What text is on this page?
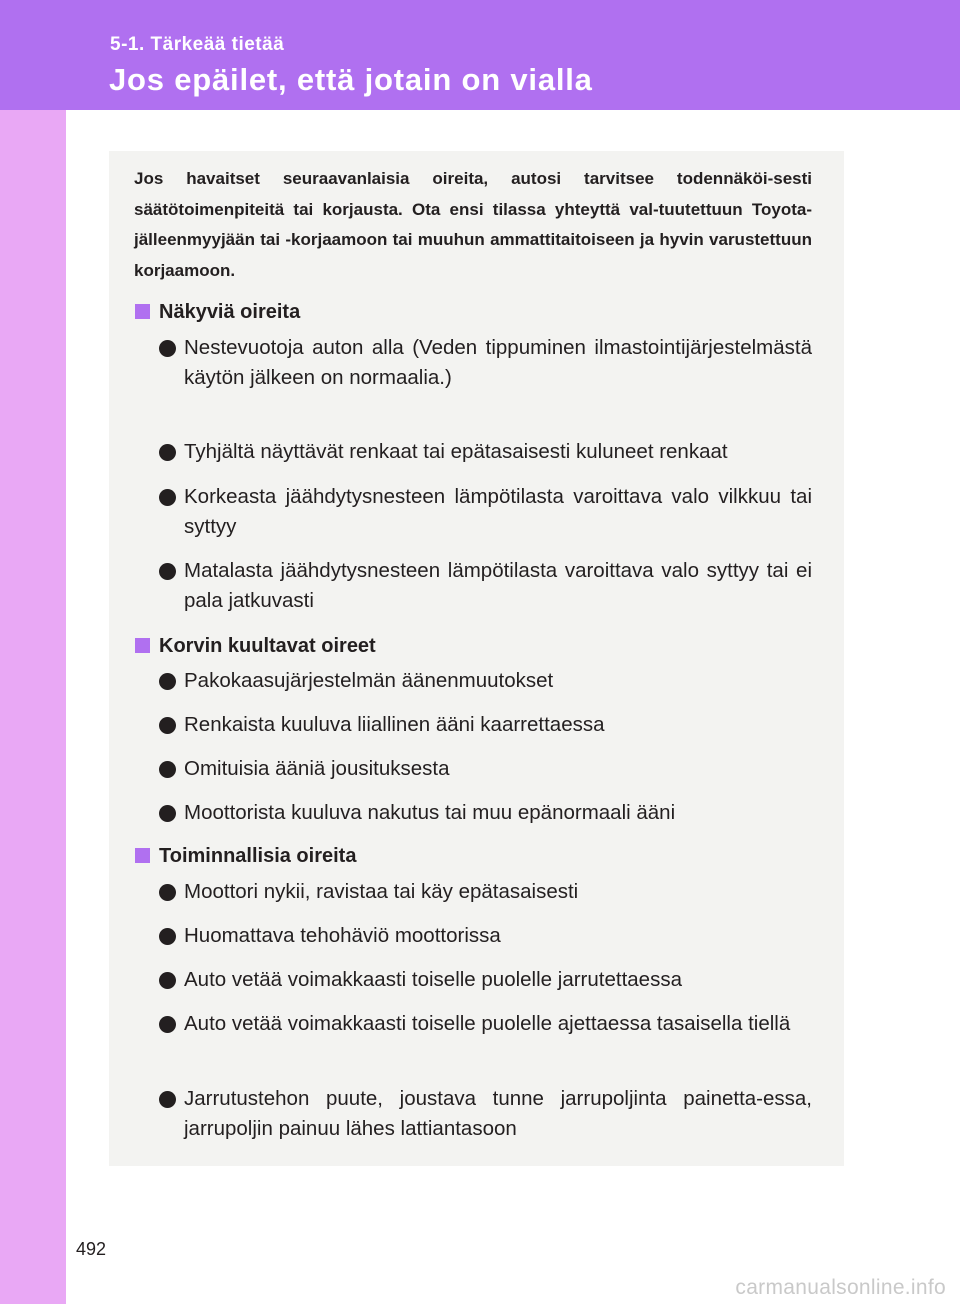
5-1. Tärkeää tietää
Jos epäilet, että jotain on vialla
Jos havaitset seuraavanlaisia oireita, autosi tarvitsee todennäköi-sesti säätötoimenpiteitä tai korjausta. Ota ensi tilassa yhteyttä val-tuutettuun Toyota-jälleenmyyjään tai -korjaamoon tai muuhun ammattitaitoiseen ja hyvin varustettuun korjaamoon.
Näkyviä oireita
Nestevuotoja auton alla (Veden tippuminen ilmastointijärjestelmästä käytön jälkeen on normaalia.)
Tyhjältä näyttävät renkaat tai epätasaisesti kuluneet renkaat
Korkeasta jäähdytysnesteen lämpötilasta varoittava valo vilkkuu tai syttyy
Matalasta jäähdytysnesteen lämpötilasta varoittava valo syttyy tai ei pala jatkuvasti
Korvin kuultavat oireet
Pakokaasujärjestelmän äänenmuutokset
Renkaista kuuluva liiallinen ääni kaarrettaessa
Omituisia ääniä jousituksesta
Moottorista kuuluva nakutus tai muu epänormaali ääni
Toiminnallisia oireita
Moottori nykii, ravistaa tai käy epätasaisesti
Huomattava tehohäviö moottorissa
Auto vetää voimakkaasti toiselle puolelle jarrutettaessa
Auto vetää voimakkaasti toiselle puolelle ajettaessa tasaisella tiellä
Jarrutustehon puute, joustava tunne jarrupoljinta painetta-essa, jarrupoljin painuu lähes lattiantasoon
492
carmanualsonline.info
